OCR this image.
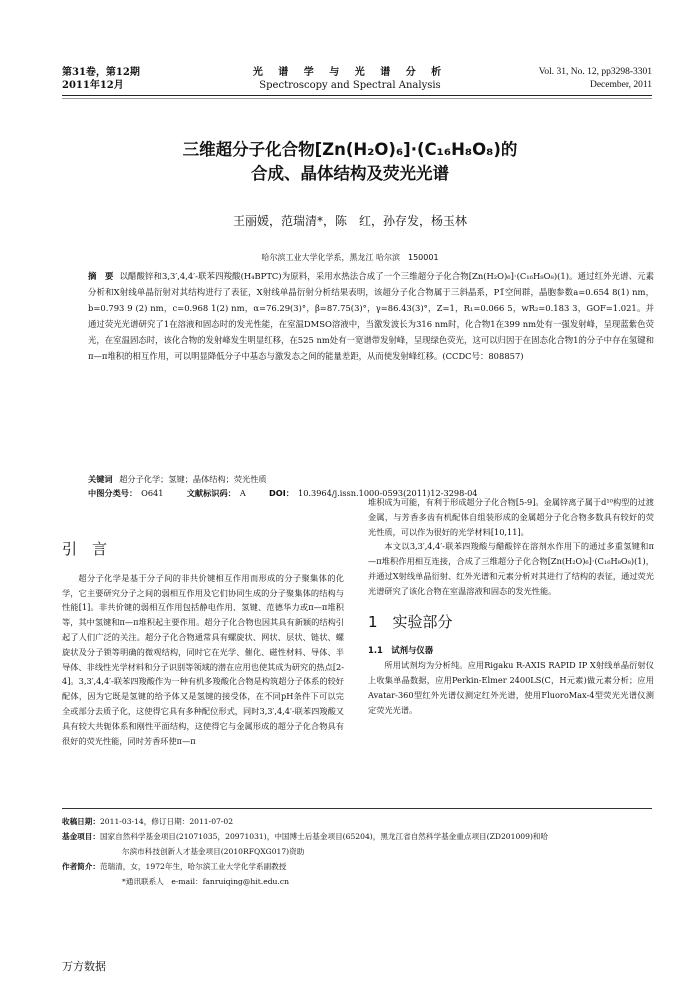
第31卷，第12期
2011年12月
光 谱 学 与 光 谱 分 析
Spectroscopy and Spectral Analysis
Vol. 31, No. 12, pp3298-3301
December, 2011
三维超分子化合物[Zn(H₂O)₆]·(C₁₆H₈O₈)的
合成、晶体结构及荧光光谱
王丽媛，范瑞清*，陈　红，孙存发，杨玉林
哈尔滨工业大学化学系，黑龙江 哈尔滨　150001
摘　要 以醋酸锌和3,3′,4,4′-联苯四羧酸(H₄BPTC)为原料，采用水热法合成了一个三维超分子化合物[Zn(H₂O)₆]·(C₁₆H₈O₈)(1)。通过红外光谱、元素分析和X射线单晶衍射对其结构进行了表征，X射线单晶衍射分析结果表明，该超分子化合物属于三斜晶系，P1̄空间群，晶胞参数a=0.654 8(1) nm，b=0.793 9 (2) nm，c=0.968 1(2) nm，α=76.29(3)°，β=87.75(3)°，γ=86.43(3)°，Z=1，R₁=0.066 5，wR₂=0.183 3，GOF=1.021。并通过荧光光谱研究了1在溶液和固态时的发光性能，在室温DMSO溶液中，当激发波长为316 nm时，化合物1在399 nm处有一强发射峰，呈现蓝紫色荧光，在室温固态时，该化合物的发射峰发生明显红移，在525 nm处有一宽谱带发射峰，呈现绿色荧光，这可以归因于在固态化合物1的分子中存在氢键和π—π堆积的相互作用，可以明显降低分子中基态与激发态之间的能量差距，从而使发射峰红移。(CCDC号：808857)
关键词 超分子化学；氢键；晶体结构；荧光性质
中图分类号： O641	文献标识码： A	DOI： 10.3964/j.issn.1000-0593(2011)12-3298-04
引　言

超分子化学是基于分子间的非共价键相互作用而形成的分子聚集体的化学，它主要研究分子之间的弱相互作用及它们协同生成的分子聚集体的结构与性能[1]。非共价键的弱相互作用包括静电作用、氢键、范德华力或π—π堆积等，其中氢键和π—π堆积起主要作用。超分子化合物也因其具有新颖的结构引起了人们广泛的关注。超分子化合物通常具有螺旋状、网状、层状、链状、螺旋状及分子锁等明确的微观结构，同时它在光学、催化、磁性材料、导体、半导体、非线性光学材料和分子识别等领域的潜在应用也使其成为研究的热点[2-4]。3,3′,4,4′-联苯四羧酸作为一种有机多羧酸化合物是构筑超分子体系的较好配体，因为它既是氢键的给予体又是氢键的接受体，在不同pH条件下可以完全或部分去质子化，这使得它具有多种配位形式，同时3,3′,4,4′-联苯四羧酸又具有较大共轭体系和刚性平面结构，这使得它与金属形成的超分子化合物具有很好的荧光性能，同时芳香环使π—π

堆积成为可能，有利于形成超分子化合物[5-9]。金属锌离子属于d¹⁰构型的过渡金属，与芳香多齿有机配体自组装形成的金属超分子化合物多数具有较好的荧光性质，可以作为很好的光学材料[10,11]。

本文以3,3′,4,4′-联苯四羧酸与醋酸锌在溶剂水作用下的通过多重氢键和π—π堆积作用相互连接，合成了三维超分子化合物[Zn(H₂O)₆]·(C₁₆H₈O₈)(1)，并通过X射线单晶衍射、红外光谱和元素分析对其进行了结构的表征，通过荧光光谱研究了该化合物在室温溶液和固态的发光性能。

1　实验部分

1.1　试剂与仪器

所用试剂均为分析纯。应用Rigaku R-AXIS RAPID IP X射线单晶衍射仪上收集单晶数据，应用Perkin-Elmer 2400LS(C，H元素)做元素分析；应用Avatar-360型红外光谱仪测定红外光谱，使用FluoroMax-4型荧光光谱仪测定荧光光谱。

收稿日期：2011-03-14，修订日期：2011-07-02
基金项目：国家自然科学基金项目(21071035，20971031)，中国博士后基金项目(65204)，黑龙江省自然科学基金重点项目(ZD201009)和哈
尔滨市科技创新人才基金项目(2010RFQXG017)资助
作者简介：范瑞清，女，1972年生，哈尔滨工业大学化学系副教授
*通讯联系人　e-mail：fanruiqing@hit.edu.cn
万方数据
